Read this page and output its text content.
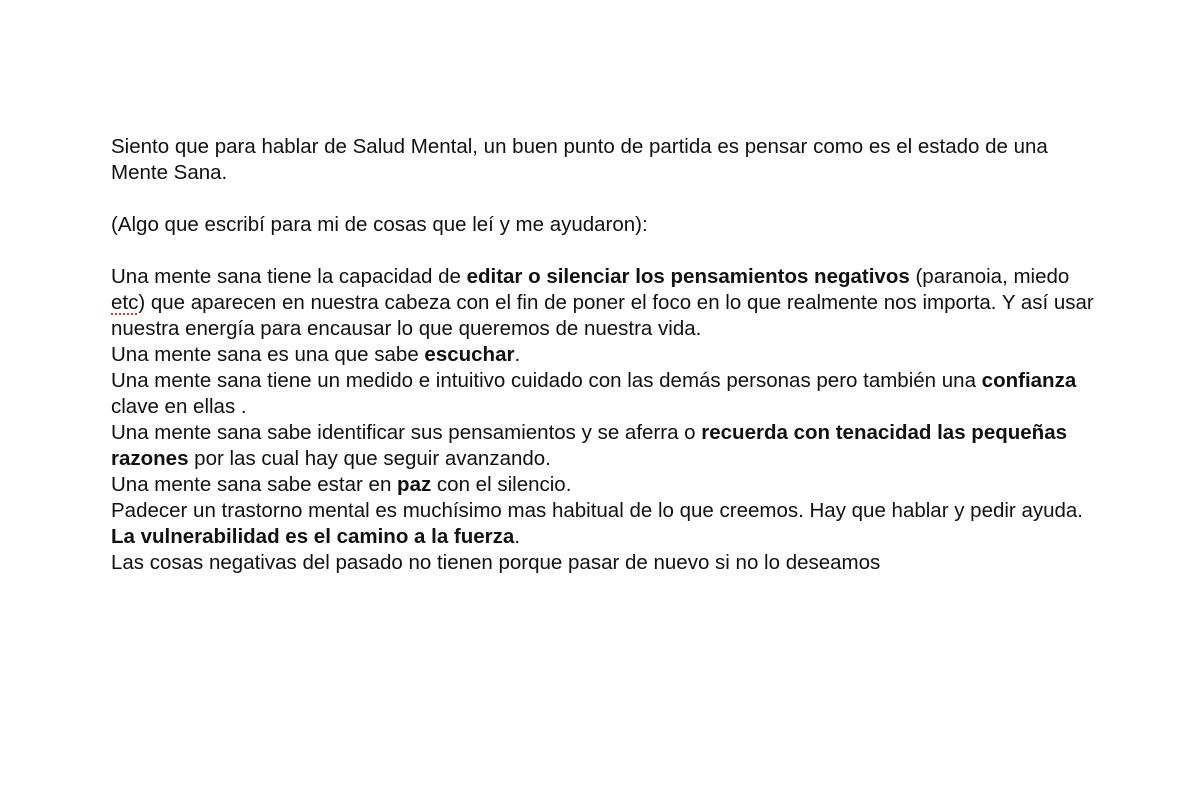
Siento que para hablar de Salud Mental, un buen punto de partida es pensar como es el estado de una Mente Sana.

(Algo que escribí para mi de cosas que leí y me ayudaron):

Una mente sana tiene la capacidad de editar o silenciar los pensamientos negativos (paranoia, miedo etc) que aparecen en nuestra cabeza con el fin de poner el foco en lo que realmente nos importa. Y así usar nuestra energía para encausar lo que queremos de nuestra vida.

Una mente sana es una que sabe escuchar.

Una mente sana tiene un medido e intuitivo cuidado con las demás personas pero también una confianza clave en ellas .

Una mente sana sabe identificar sus pensamientos y se aferra o recuerda con tenacidad las pequeñas razones por las cual hay que seguir avanzando.

Una mente sana sabe estar en paz con el silencio.

Padecer un trastorno mental es muchísimo mas habitual de lo que creemos. Hay que hablar y pedir ayuda. La vulnerabilidad es el camino a la fuerza.

Las cosas negativas del pasado no tienen porque pasar de nuevo si no lo deseamos
